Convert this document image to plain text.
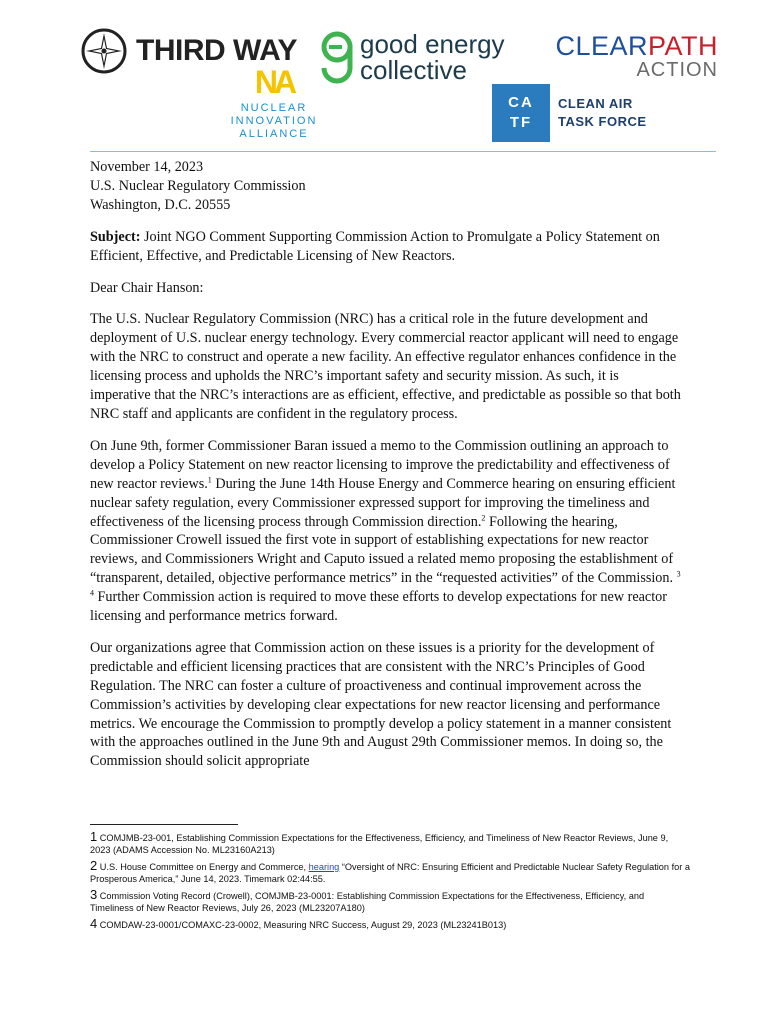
THIRD WAY good energy
collective
CLEARPATH
ACTION
NA
NUCLEAR
INNOVATION
ALLIANCE
CA
TF
CLEAN AIR
TASK FORCE

November 14, 2023
U.S. Nuclear Regulatory Commission
Washington, D.C. 20555

Subject: Joint NGO Comment Supporting Commission Action to Promulgate a Policy Statement on Efficient, Effective, and Predictable Licensing of New Reactors.

Dear Chair Hanson:

The U.S. Nuclear Regulatory Commission (NRC) has a critical role in the future development and deployment of U.S. nuclear energy technology. Every commercial reactor applicant will need to engage with the NRC to construct and operate a new facility. An effective regulator enhances confidence in the licensing process and upholds the NRC’s important safety and security mission. As such, it is imperative that the NRC’s interactions are as efficient, effective, and predictable as possible so that both NRC staff and applicants are confident in the regulatory process.

On June 9th, former Commissioner Baran issued a memo to the Commission outlining an approach to develop a Policy Statement on new reactor licensing to improve the predictability and effectiveness of new reactor reviews.$^1$ During the June 14th House Energy and Commerce hearing on ensuring efficient nuclear safety regulation, every Commissioner expressed support for improving the timeliness and effectiveness of the licensing process through Commission direction.$^2$ Following the hearing, Commissioner Crowell issued the first vote in support of establishing expectations for new reactor reviews, and Commissioners Wright and Caputo issued a related memo proposing the establishment of “transparent, detailed, objective performance metrics” in the “requested activities” of the Commission. $^{3 4}$ Further Commission action is required to move these efforts to develop expectations for new reactor licensing and performance metrics forward.

Our organizations agree that Commission action on these issues is a priority for the development of predictable and efficient licensing practices that are consistent with the NRC’s Principles of Good Regulation. The NRC can foster a culture of proactiveness and continual improvement across the Commission’s activities by developing clear expectations for new reactor licensing and performance metrics. We encourage the Commission to promptly develop a policy statement in a manner consistent with the approaches outlined in the June 9th and August 29th Commissioner memos. In doing so, the Commission should solicit appropriate

1 COMJMB-23-001, Establishing Commission Expectations for the Effectiveness, Efficiency, and Timeliness of New Reactor Reviews, June 9, 2023 (ADAMS Accession No. ML23160A213)
2 U.S. House Committee on Energy and Commerce, hearing “Oversight of NRC: Ensuring Efficient and Predictable Nuclear Safety Regulation for a Prosperous America,” June 14, 2023. Timemark 02:44:55.
3 Commission Voting Record (Crowell), COMJMB-23-0001: Establishing Commission Expectations for the Effectiveness, Efficiency, and Timeliness of New Reactor Reviews, July 26, 2023 (ML23207A180)
4 COMDAW-23-0001/COMAXC-23-0002, Measuring NRC Success, August 29, 2023 (ML23241B013)
